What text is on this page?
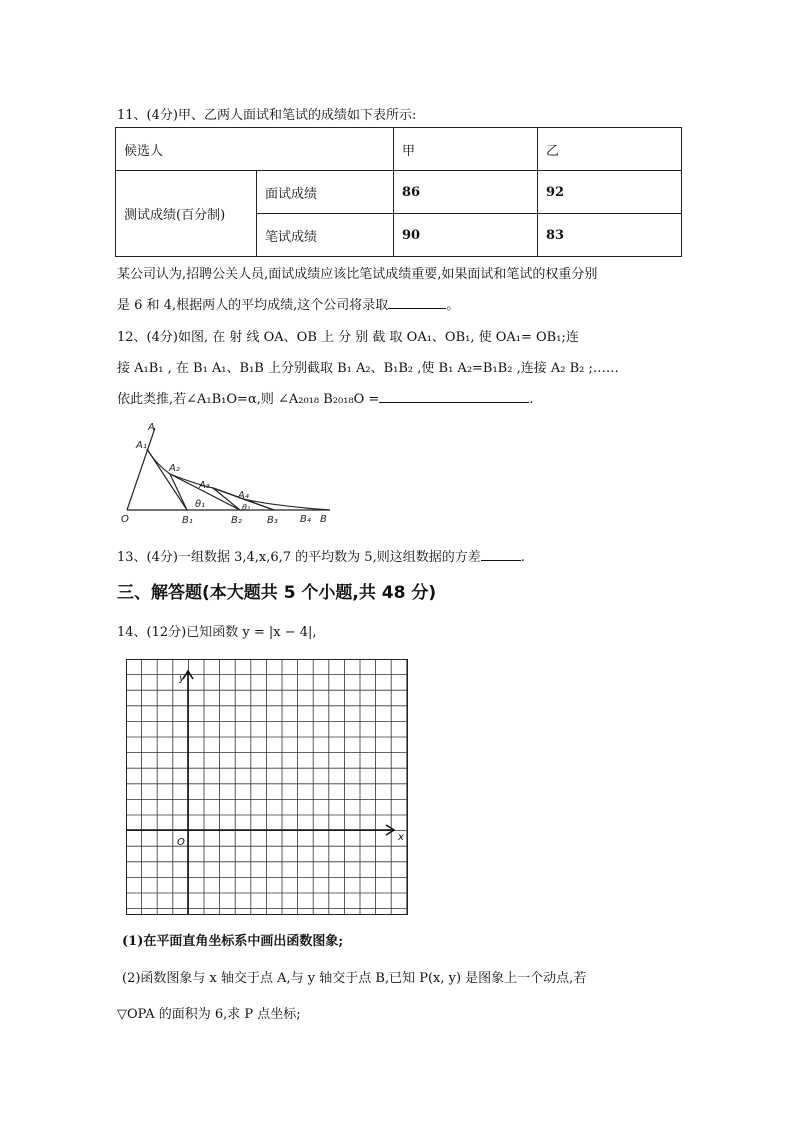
11、(4分)甲、乙两人面试和笔试的成绩如下表所示:
候选人		甲	乙
测试成绩(百分制)	面试成绩	86	92
	笔试成绩	90	83
某公司认为,招聘公关人员,面试成绩应该比笔试成绩重要,如果面试和笔试的权重分别
是 6 和 4,根据两人的平均成绩,这个公司将录取	。
12、(4分)如图, 在 射 线 OA、OB 上 分 别 截 取 OA₁、OB₁, 使 OA₁= OB₁;连
接 A₁B₁ , 在 B₁ A₁、B₁B 上分别截取 B₁ A₂、B₁B₂ ,使 B₁ A₂=B₁B₂ ,连接 A₂ B₂ ;……
依此类推,若∠A₁B₁O=α,则 ∠A₂₀₁₈ B₂₀₁₈O =	.
A
A₁
A₂
A₃
A₄
θ₁	θ₂
O	B₁	B₂	B₃ B₄ B
13、(4分)一组数据 3,4,x,6,7 的平均数为 5,则这组数据的方差	.
三、解答题(本大题共 5 个小题,共 48 分)
14、(12分)已知函数 y = |x − 4|,
y
x
O
(1)在平面直角坐标系中画出函数图象;
(2)函数图象与 x 轴交于点 A,与 y 轴交于点 B,已知 P(x, y) 是图象上一个动点,若
▽OPA 的面积为 6,求 P 点坐标;
